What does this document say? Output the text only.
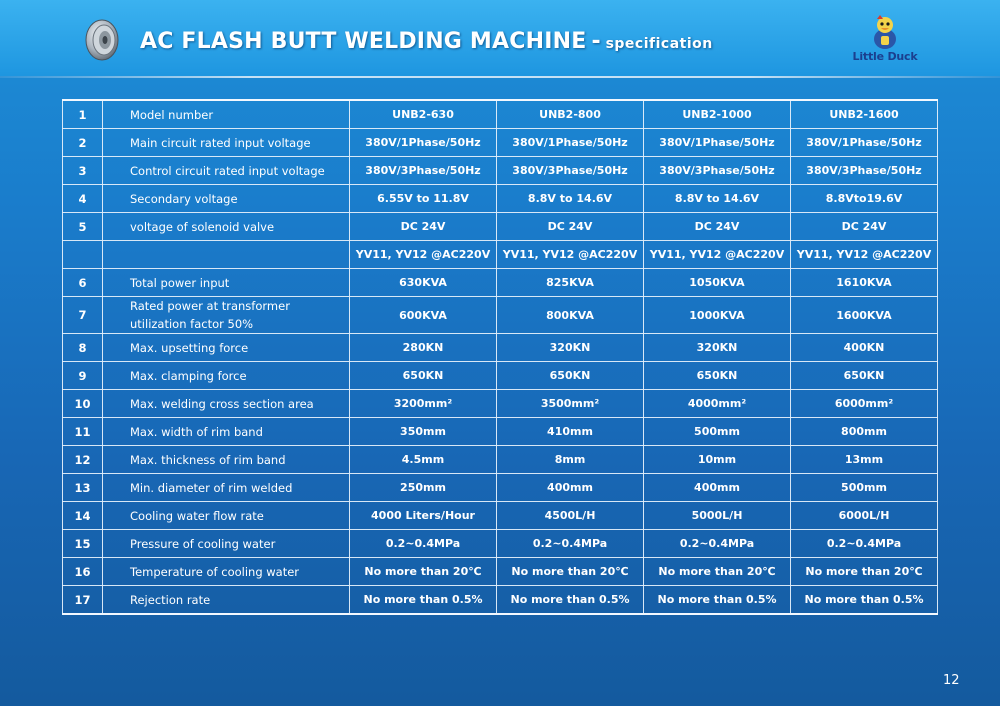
AC FLASH BUTT WELDING MACHINE - specification
Little Duck
1	Model number	UNB2-630	UNB2-800	UNB2-1000	UNB2-1600
2	Main circuit rated input voltage	380V/1Phase/50Hz	380V/1Phase/50Hz	380V/1Phase/50Hz	380V/1Phase/50Hz
3	Control circuit rated input voltage	380V/3Phase/50Hz	380V/3Phase/50Hz	380V/3Phase/50Hz	380V/3Phase/50Hz
4	Secondary voltage	6.55V to 11.8V	8.8V to 14.6V	8.8V to 14.6V	8.8Vto19.6V
5	voltage of solenoid valve	DC 24V	DC 24V	DC 24V	DC 24V
		YV11, YV12 @AC220V	YV11, YV12 @AC220V	YV11, YV12 @AC220V	YV11, YV12 @AC220V
6	Total power input	630KVA	825KVA	1050KVA	1610KVA
7	Rated power at transformer utilization factor 50%	600KVA	800KVA	1000KVA	1600KVA
8	Max. upsetting force	280KN	320KN	320KN	400KN
9	Max. clamping force	650KN	650KN	650KN	650KN
10	Max. welding cross section area	3200mm²	3500mm²	4000mm²	6000mm²
11	Max. width of rim band	350mm	410mm	500mm	800mm
12	Max. thickness of rim band	4.5mm	8mm	10mm	13mm
13	Min. diameter of rim welded	250mm	400mm	400mm	500mm
14	Cooling water flow rate	4000 Liters/Hour	4500L/H	5000L/H	6000L/H
15	Pressure of cooling water	0.2~0.4MPa	0.2~0.4MPa	0.2~0.4MPa	0.2~0.4MPa
16	Temperature of cooling water	No more than 20℃	No more than 20℃	No more than 20℃	No more than 20℃
17	Rejection rate	No more than 0.5%	No more than 0.5%	No more than 0.5%	No more than 0.5%
12
